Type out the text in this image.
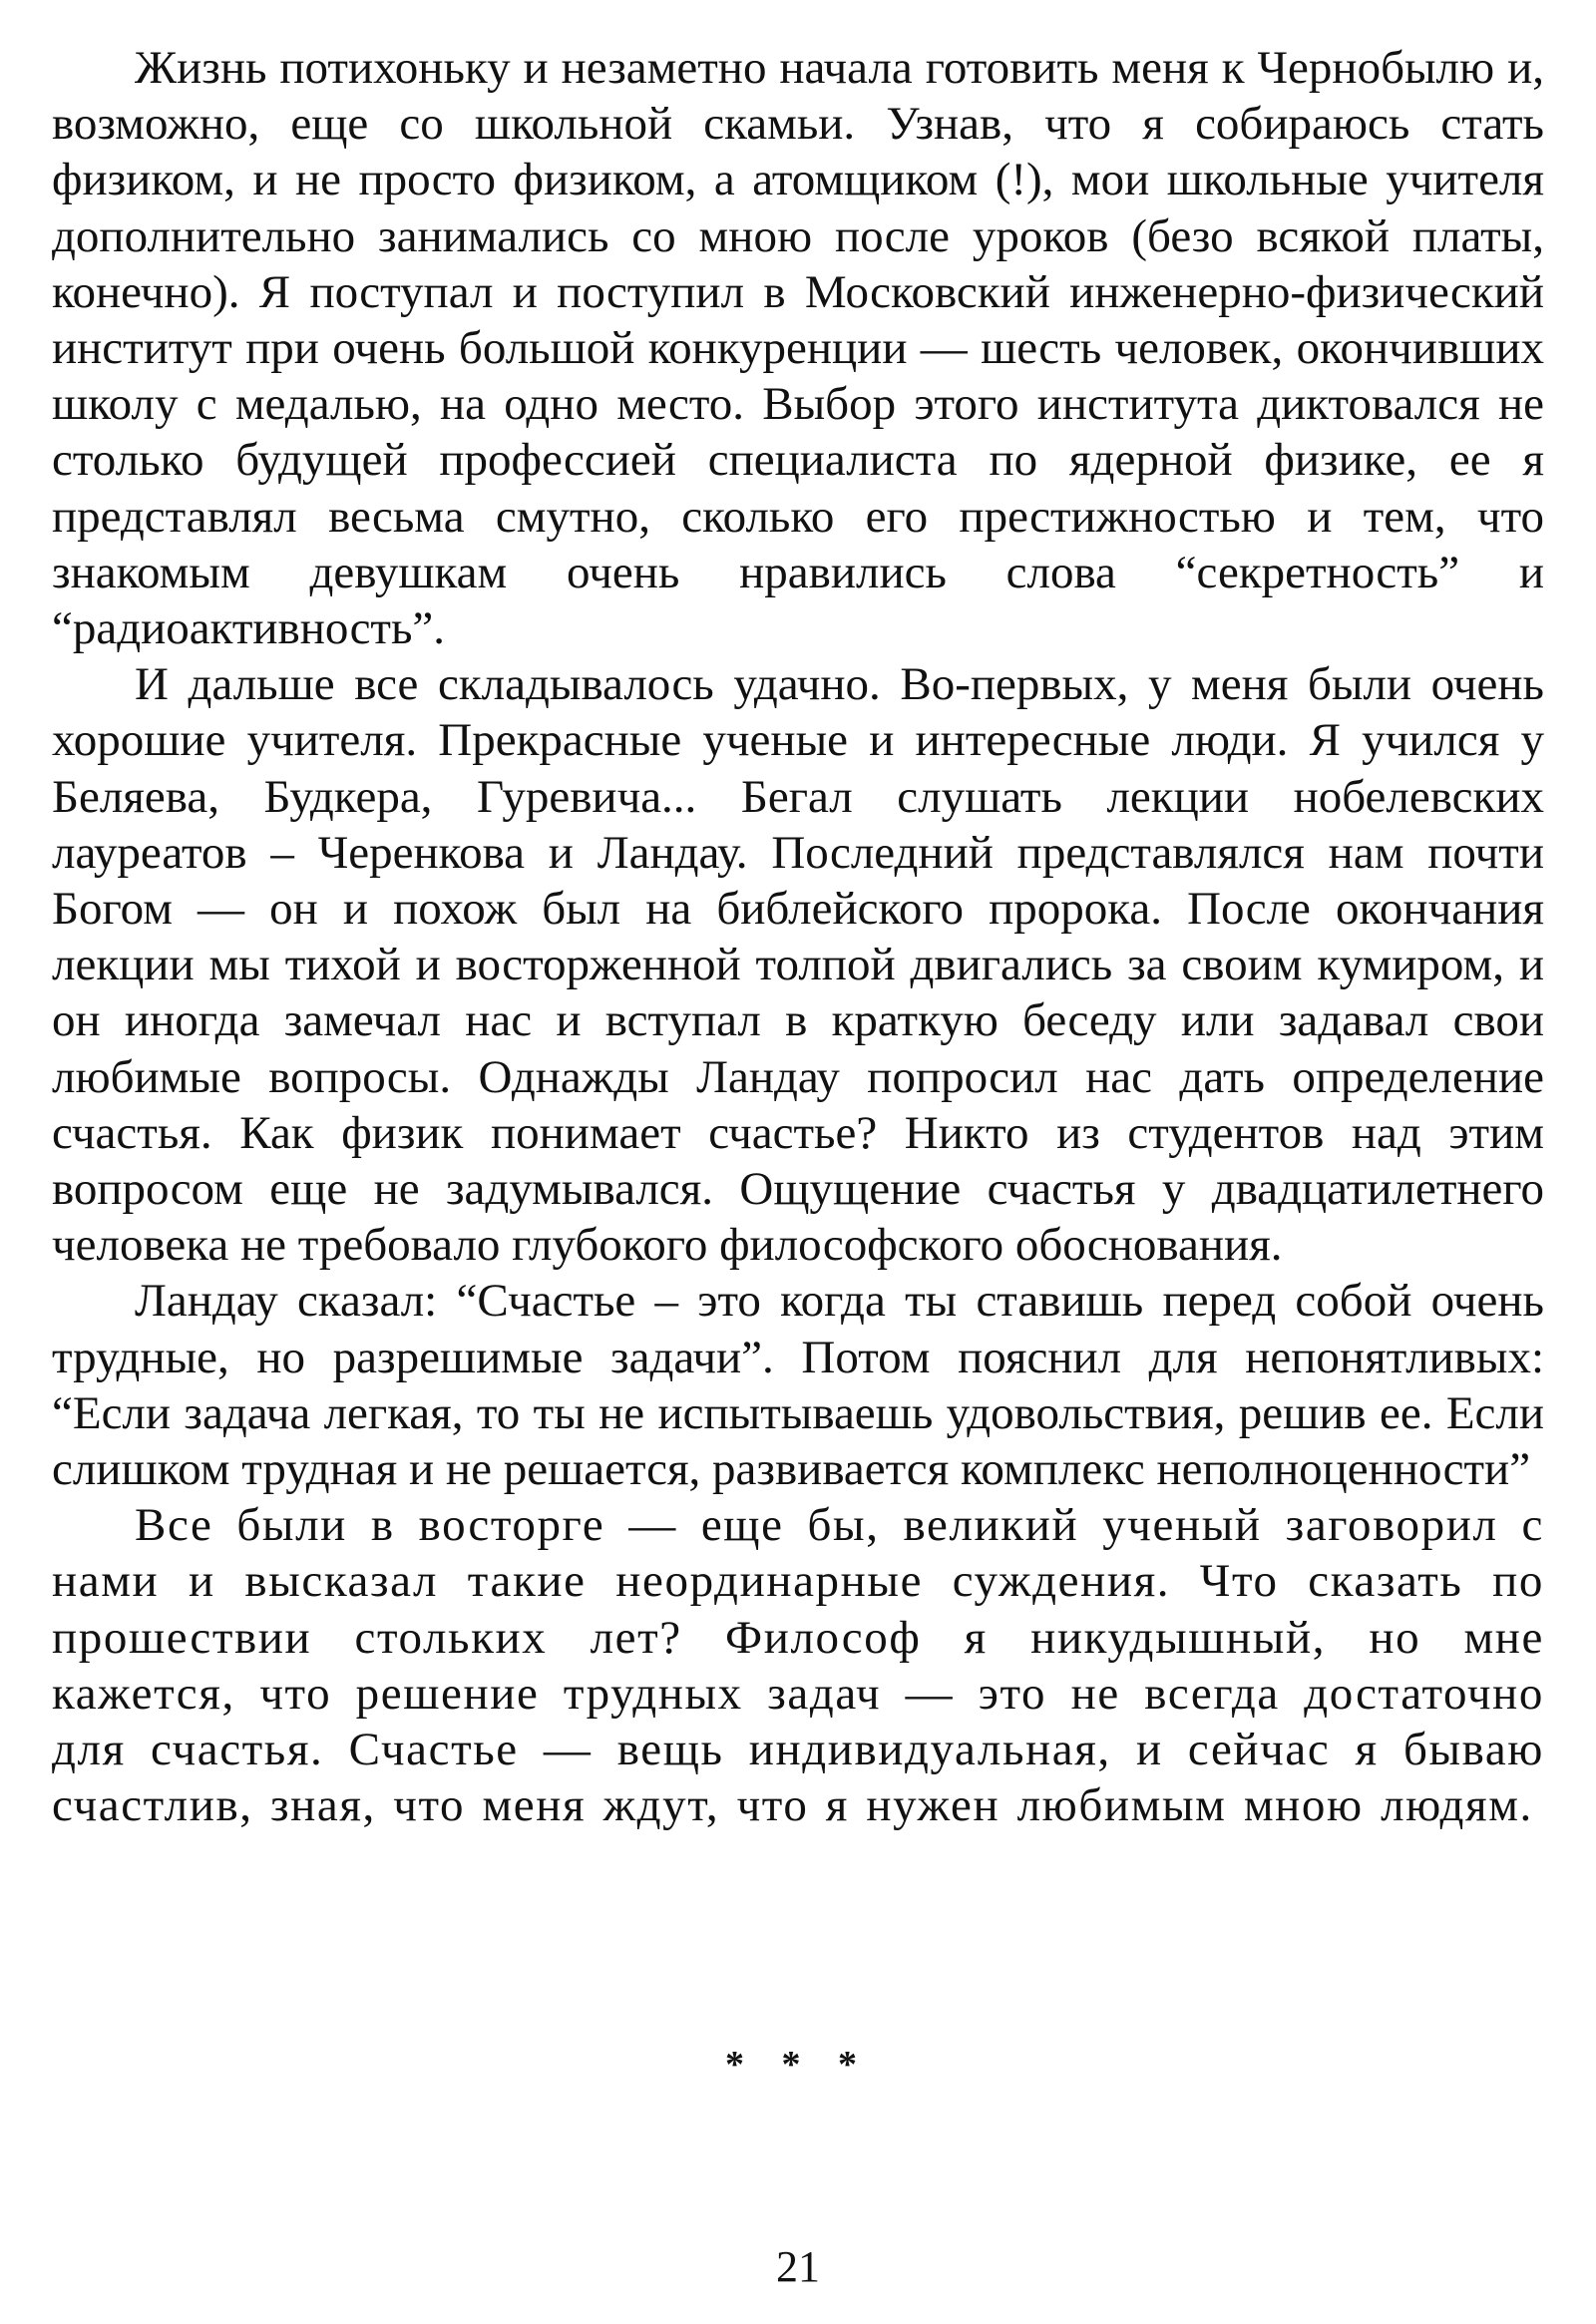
Жизнь потихоньку и незаметно начала готовить меня к Чернобылю и, возможно, еще со школьной скамьи. Узнав, что я собираюсь стать физиком, и не просто физиком, а атомщиком (!), мои школьные учителя дополнительно занимались со мною после уроков (безо всякой платы, конечно). Я поступал и поступил в Московский инженерно-физический институт при очень большой конкуренции — шесть человек, окончивших школу с медалью, на одно место. Выбор этого института диктовался не столько будущей профессией специалиста по ядерной физике, ее я представлял весьма смутно, сколько его престижностью и тем, что знакомым девушкам очень нравились слова “секретность” и “радиоактивность”.

И дальше все складывалось удачно. Во-первых, у меня были очень хорошие учителя. Прекрасные ученые и интересные люди. Я учился у Беляева, Будкера, Гуревича... Бегал слушать лекции нобелевских лауреатов – Черенкова и Ландау. Последний представлялся нам почти Богом — он и похож был на библейского пророка. После окончания лекции мы тихой и восторженной толпой двигались за своим кумиром, и он иногда замечал нас и вступал в краткую беседу или задавал свои любимые вопросы. Однажды Ландау попросил нас дать определение счастья. Как физик понимает счастье? Никто из студентов над этим вопросом еще не задумывался. Ощущение счастья у двадцатилетнего человека не требовало глубокого философского обоснования.

Ландау сказал: “Счастье – это когда ты ставишь перед собой очень трудные, но разрешимые задачи”. Потом пояснил для непонятливых: “Если задача легкая, то ты не испытываешь удовольствия, решив ее. Если слишком трудная и не решается, развивается комплекс неполноценности”

Все были в восторге — еще бы, великий ученый заговорил с нами и высказал такие неординарные суждения. Что сказать по прошествии стольких лет? Философ я никудышный, но мне кажется, что решение трудных задач — это не всегда достаточно для счастья. Счастье — вещь индивидуальная, и сейчас я бываю счастлив, зная, что меня ждут, что я нужен любимым мною людям.

* * *
21
